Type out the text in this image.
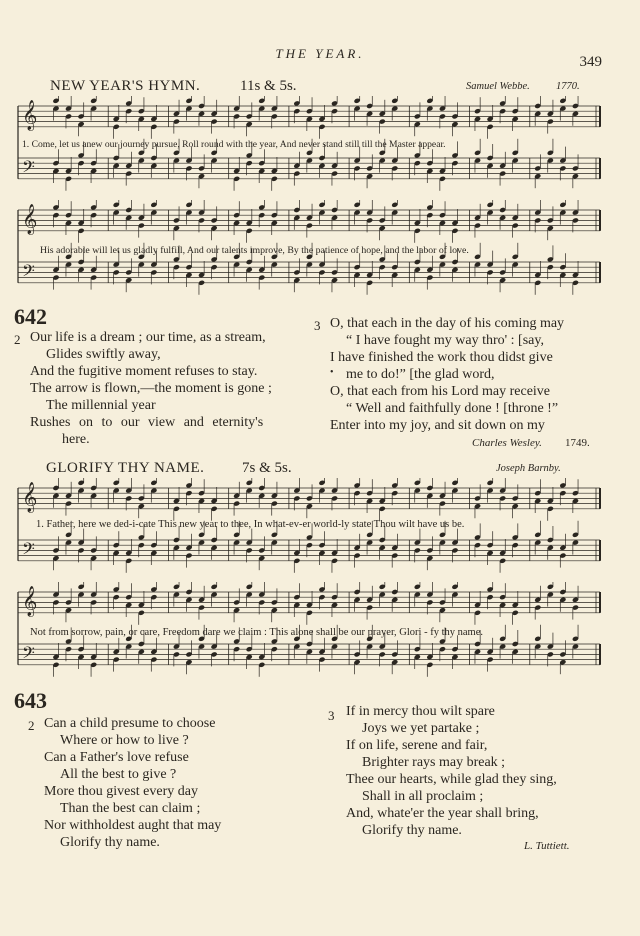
THE YEAR.
349
NEW YEAR'S HYMN.	11s & 5s.	Samuel Webbe. 1770.
𝄞
𝄢
1. Come, let us anew our journey pursue, Roll round with the year, And never stand still till the Master appear.
𝄞
𝄢
His adorable will let us gladly fulfill, And our talents improve, By the patience of hope, and the labor of love.
642
2 Our life is a dream ; our time, as a stream,
Glides swiftly away,
And the fugitive moment refuses to stay.
The arrow is flown,—the moment is gone ;
The millennial year
Rushes on to our view and eternity's
here.
3 O, that each in the day of his coming may
“ I have fought my way thro' : [say,
I have finished the work thou didst give
• me to do!” [the glad word,
O, that each from his Lord may receive
“ Well and faithfully done ! [throne !”
Enter into my joy, and sit down on my
Charles Wesley. 1749.
GLORIFY THY NAME.	7s & 5s.	Joseph Barnby.
𝄞
𝄢
1. Father, here we ded-i-cate This new year to thee, In what-ev-er world-ly state Thou wilt have us be.
𝄞
𝄢
Not from sorrow, pain, or care, Freedom dare we claim : This alone shall be our prayer, Glori - fy thy name.
643
2 Can a child presume to choose
Where or how to live ?
Can a Father's love refuse
All the best to give ?
More thou givest every day
Than the best can claim ;
Nor withholdest aught that may
Glorify thy name.
3 If in mercy thou wilt spare
Joys we yet partake ;
If on life, serene and fair,
Brighter rays may break ;
Thee our hearts, while glad they sing,
Shall in all proclaim ;
And, whate'er the year shall bring,
Glorify thy name.
L. Tuttiett.
